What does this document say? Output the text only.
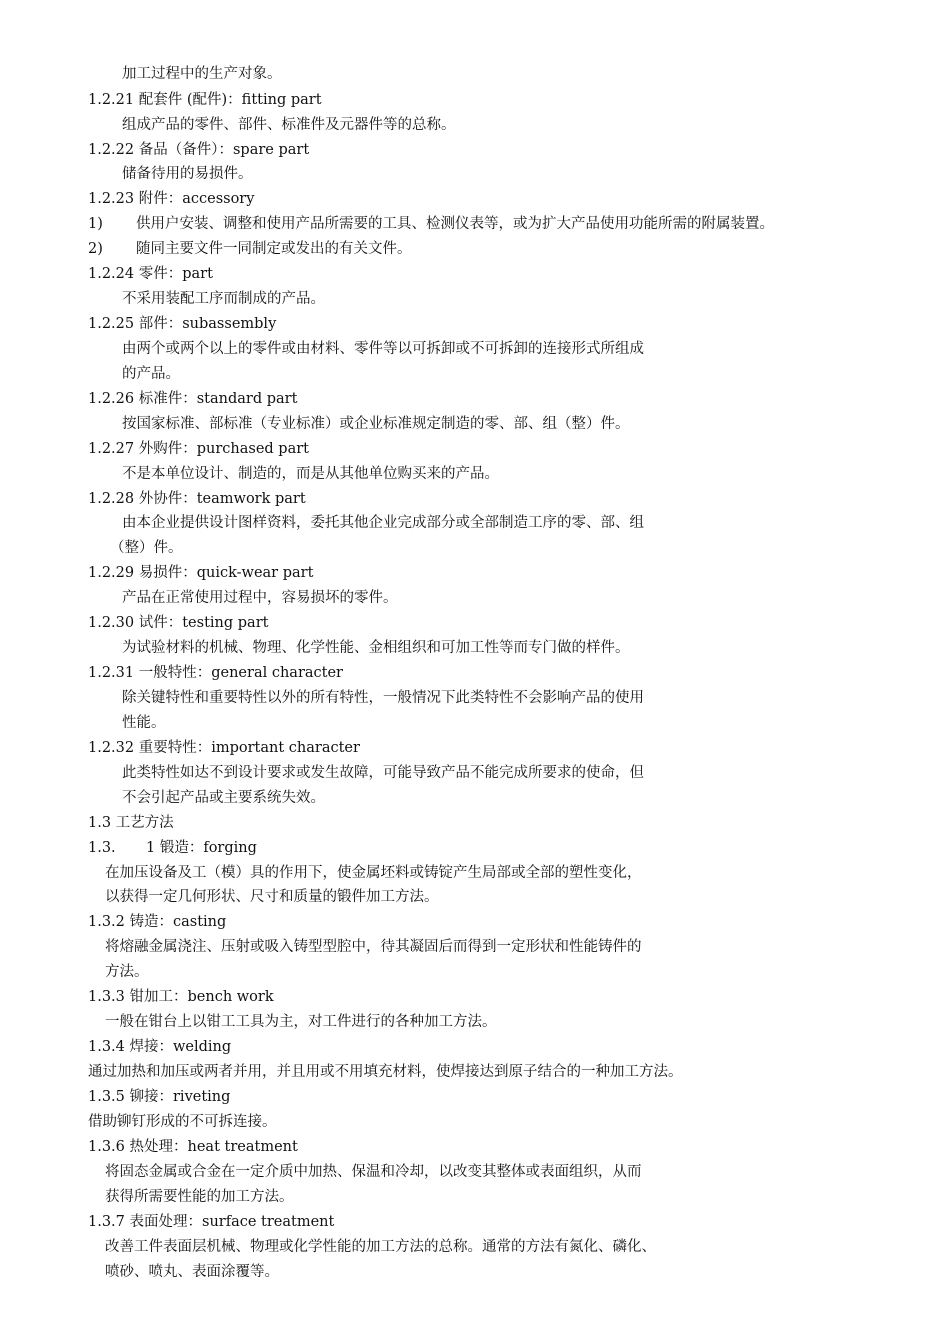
加工过程中的生产对象。
1.2.21 配套件 (配件)：fitting part
组成产品的零件、部件、标准件及元器件等的总称。
1.2.22 备品（备件）：spare part
储备待用的易损件。
1.2.23 附件：accessory
1) 供用户安装、调整和使用产品所需要的工具、检测仪表等，或为扩大产品使用功能所需的附属装置。
2) 随同主要文件一同制定或发出的有关文件。
1.2.24 零件：part
不采用装配工序而制成的产品。
1.2.25 部件：subassembly
由两个或两个以上的零件或由材料、零件等以可拆卸或不可拆卸的连接形式所组成
的产品。
1.2.26 标准件：standard part
按国家标准、部标准（专业标准）或企业标准规定制造的零、部、组（整）件。
1.2.27 外购件：purchased part
不是本单位设计、制造的，而是从其他单位购买来的产品。
1.2.28 外协件：teamwork part
由本企业提供设计图样资料，委托其他企业完成部分或全部制造工序的零、部、组
（整）件。
1.2.29 易损件：quick-wear part
产品在正常使用过程中，容易损坏的零件。
1.2.30 试件：testing part
为试验材料的机械、物理、化学性能、金相组织和可加工性等而专门做的样件。
1.2.31 一般特性：general character
除关键特性和重要特性以外的所有特性，一般情况下此类特性不会影响产品的使用
性能。
1.2.32 重要特性：important character
此类特性如达不到设计要求或发生故障，可能导致产品不能完成所要求的使命，但
不会引起产品或主要系统失效。
1.3 工艺方法
1.3. 1 锻造：forging
在加压设备及工（模）具的作用下，使金属坯料或铸锭产生局部或全部的塑性变化，
以获得一定几何形状、尺寸和质量的锻件加工方法。
1.3.2 铸造：casting
将熔融金属浇注、压射或吸入铸型型腔中，待其凝固后而得到一定形状和性能铸件的
方法。
1.3.3 钳加工：bench work
一般在钳台上以钳工工具为主，对工件进行的各种加工方法。
1.3.4 焊接：welding
通过加热和加压或两者并用，并且用或不用填充材料，使焊接达到原子结合的一种加工方法。
1.3.5 铆接：riveting
借助铆钉形成的不可拆连接。
1.3.6 热处理：heat treatment
将固态金属或合金在一定介质中加热、保温和冷却，以改变其整体或表面组织，从而
获得所需要性能的加工方法。
1.3.7 表面处理：surface treatment
改善工件表面层机械、物理或化学性能的加工方法的总称。通常的方法有氮化、磷化、
喷砂、喷丸、表面涂覆等。
